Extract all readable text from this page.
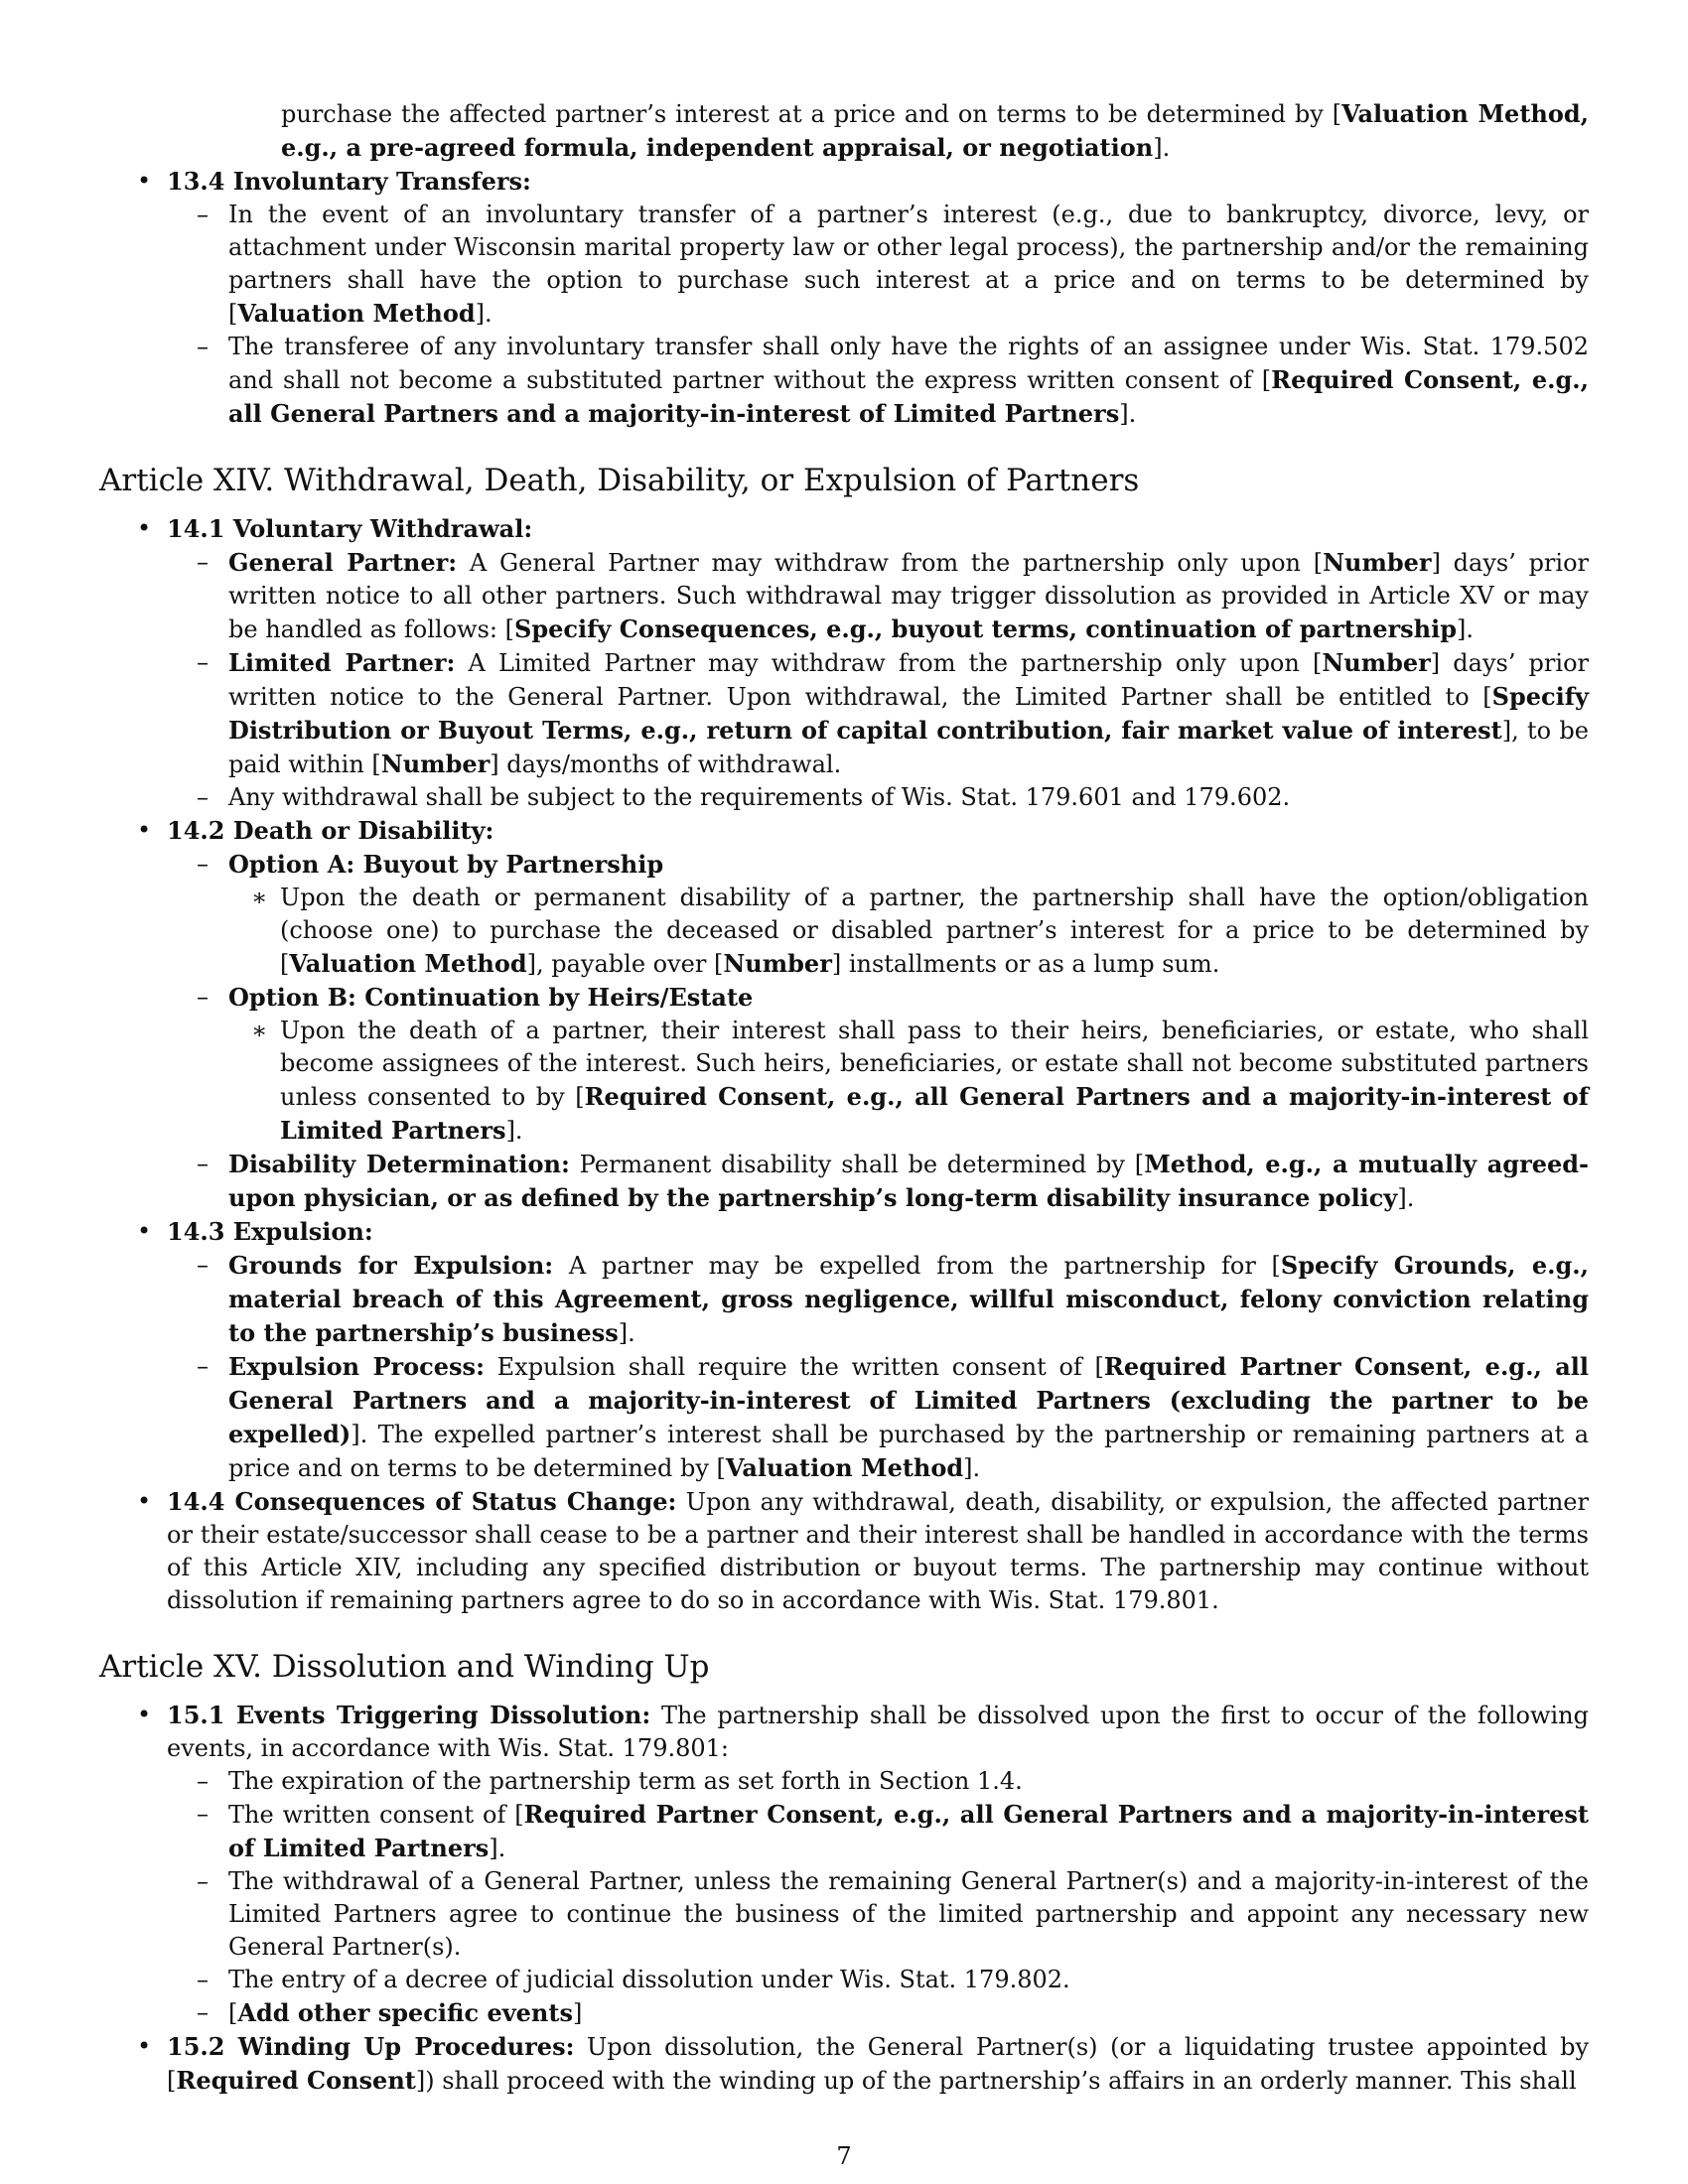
purchase the affected partner’s interest at a price and on terms to be determined by [Valuation Method, e.g., a pre-agreed formula, independent appraisal, or negotiation].
• 13.4 Involuntary Transfers:
– In the event of an involuntary transfer of a partner’s interest (e.g., due to bankruptcy, divorce, levy, or attachment under Wisconsin marital property law or other legal process), the partnership and/or the remaining partners shall have the option to purchase such interest at a price and on terms to be determined by [Valuation Method].
– The transferee of any involuntary transfer shall only have the rights of an assignee under Wis. Stat. 179.502 and shall not become a substituted partner without the express written consent of [Required Consent, e.g., all General Partners and a majority-in-interest of Limited Partners].
Article XIV. Withdrawal, Death, Disability, or Expulsion of Partners
• 14.1 Voluntary Withdrawal:
– General Partner: A General Partner may withdraw from the partnership only upon [Number] days’ prior written notice to all other partners. Such withdrawal may trigger dissolution as provided in Article XV or may be handled as follows: [Specify Consequences, e.g., buyout terms, continuation of partnership].
– Limited Partner: A Limited Partner may withdraw from the partnership only upon [Number] days’ prior written notice to the General Partner. Upon withdrawal, the Limited Partner shall be entitled to [Specify Distribution or Buyout Terms, e.g., return of capital contribution, fair market value of interest], to be paid within [Number] days/months of withdrawal.
– Any withdrawal shall be subject to the requirements of Wis. Stat. 179.601 and 179.602.
• 14.2 Death or Disability:
– Option A: Buyout by Partnership
∗ Upon the death or permanent disability of a partner, the partnership shall have the option/obligation (choose one) to purchase the deceased or disabled partner’s interest for a price to be determined by [Valuation Method], payable over [Number] installments or as a lump sum.
– Option B: Continuation by Heirs/Estate
∗ Upon the death of a partner, their interest shall pass to their heirs, beneficiaries, or estate, who shall become assignees of the interest. Such heirs, beneficiaries, or estate shall not become substituted partners unless consented to by [Required Consent, e.g., all General Partners and a majority-in-interest of Limited Partners].
– Disability Determination: Permanent disability shall be determined by [Method, e.g., a mutually agreed-upon physician, or as defined by the partnership’s long-term disability insurance policy].
• 14.3 Expulsion:
– Grounds for Expulsion: A partner may be expelled from the partnership for [Specify Grounds, e.g., material breach of this Agreement, gross negligence, willful misconduct, felony conviction relating to the partnership’s business].
– Expulsion Process: Expulsion shall require the written consent of [Required Partner Consent, e.g., all General Partners and a majority-in-interest of Limited Partners (excluding the partner to be expelled)]. The expelled partner’s interest shall be purchased by the partnership or remaining partners at a price and on terms to be determined by [Valuation Method].
• 14.4 Consequences of Status Change: Upon any withdrawal, death, disability, or expulsion, the affected partner or their estate/successor shall cease to be a partner and their interest shall be handled in accordance with the terms of this Article XIV, including any specified distribution or buyout terms. The partnership may continue without dissolution if remaining partners agree to do so in accordance with Wis. Stat. 179.801.
Article XV. Dissolution and Winding Up
• 15.1 Events Triggering Dissolution: The partnership shall be dissolved upon the first to occur of the following events, in accordance with Wis. Stat. 179.801:
– The expiration of the partnership term as set forth in Section 1.4.
– The written consent of [Required Partner Consent, e.g., all General Partners and a majority-in-interest of Limited Partners].
– The withdrawal of a General Partner, unless the remaining General Partner(s) and a majority-in-interest of the Limited Partners agree to continue the business of the limited partnership and appoint any necessary new General Partner(s).
– The entry of a decree of judicial dissolution under Wis. Stat. 179.802.
– [Add other specific events]
• 15.2 Winding Up Procedures: Upon dissolution, the General Partner(s) (or a liquidating trustee appointed by [Required Consent]) shall proceed with the winding up of the partnership’s affairs in an orderly manner. This shall
7
